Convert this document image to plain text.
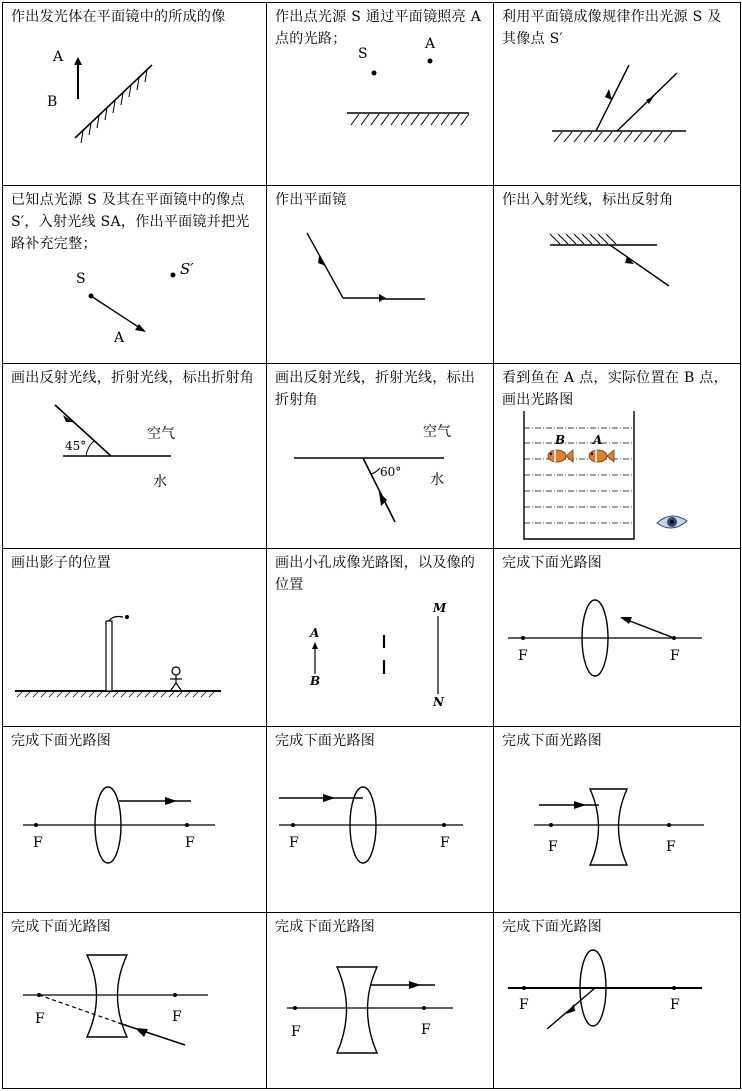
作出发光体在平面镜中的所成的像
A
B
作出点光源 S 通过平面镜照亮 A 点的光路；
S
A
利用平面镜成像规律作出光源 S 及其像点 S′
已知点光源 S 及其在平面镜中的像点 S′，入射光线 SA，作出平面镜并把光路补充完整；
S
S′
A
作出平面镜	作出入射光线，标出反射角
画出反射光线，折射光线，标出折射角
45°
空气
水
画出反射光线，折射光线，标出折射角
60°
空气
水
看到鱼在 A 点，实际位置在 B 点，画出光路图
B A
画出影子的位置	画出小孔成像光路图，以及像的位置
A
B
M
N
完成下面光路图
F	F
完成下面光路图
F	F
完成下面光路图
F	F
完成下面光路图
F	F
完成下面光路图
F	F
完成下面光路图
F	F
完成下面光路图
F	F
